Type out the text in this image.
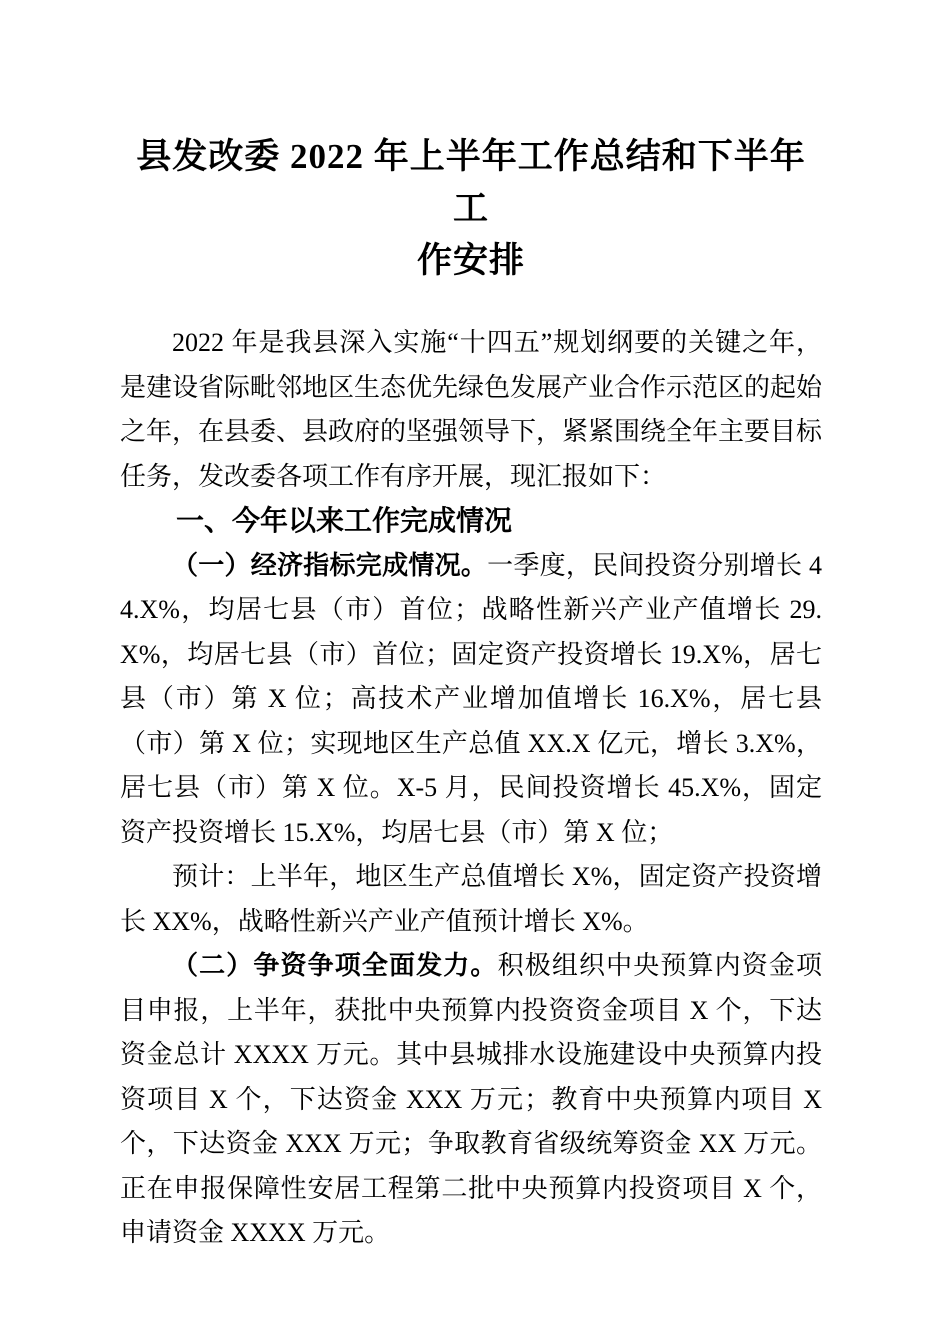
县发改委 2022 年上半年工作总结和下半年工
作安排

2022 年是我县深入实施“十四五”规划纲要的关键之年，是建设省际毗邻地区生态优先绿色发展产业合作示范区的起始之年，在县委、县政府的坚强领导下，紧紧围绕全年主要目标任务，发改委各项工作有序开展，现汇报如下：

一、今年以来工作完成情况

（一）经济指标完成情况。一季度，民间投资分别增长 44.X%，均居七县（市）首位；战略性新兴产业产值增长 29.X%，均居七县（市）首位；固定资产投资增长 19.X%，居七县（市）第 X 位；高技术产业增加值增长 16.X%，居七县（市）第 X 位；实现地区生产总值 XX.X 亿元，增长 3.X%，居七县（市）第 X 位。X-5 月，民间投资增长 45.X%，固定资产投资增长 15.X%，均居七县（市）第 X 位；

预计：上半年，地区生产总值增长 X%，固定资产投资增长 XX%，战略性新兴产业产值预计增长 X%。

（二）争资争项全面发力。积极组织中央预算内资金项目申报，上半年，获批中央预算内投资资金项目 X 个，下达资金总计 XXXX 万元。其中县城排水设施建设中央预算内投资项目 X 个，下达资金 XXX 万元；教育中央预算内项目 X 个，下达资金 XXX 万元；争取教育省级统筹资金 XX 万元。正在申报保障性安居工程第二批中央预算内投资项目 X 个，申请资金 XXXX 万元。
